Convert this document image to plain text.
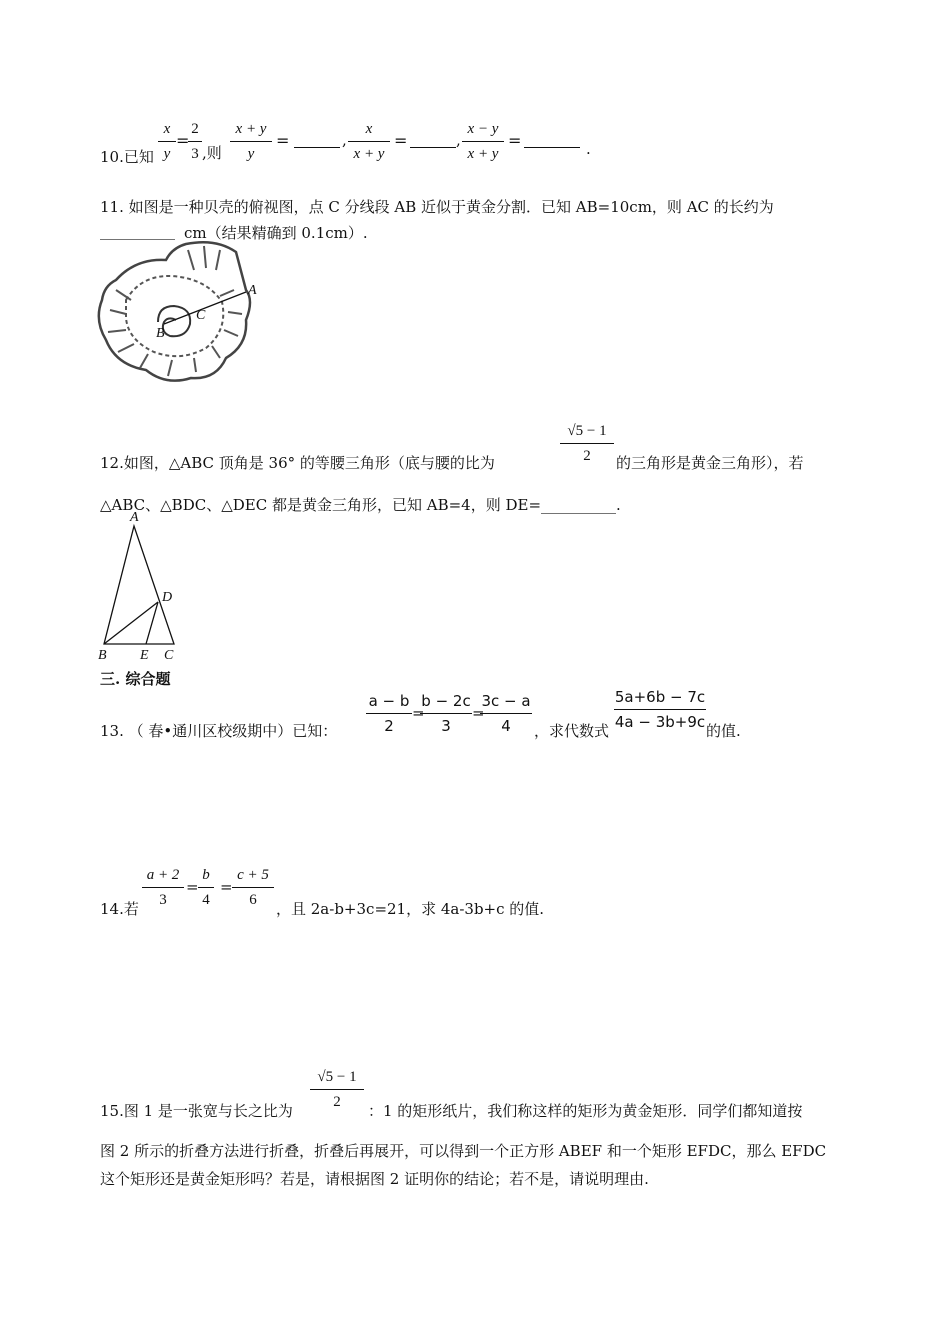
10.已知
x
y
=
2
3 ,则
x + y
y
=	,
x
x + y
=	,
x − y
x + y
=	.
11. 如图是一种贝壳的俯视图，点 C 分线段 AB 近似于黄金分割．已知 AB=10cm，则 AC 的长约为
__________ cm（结果精确到 0.1cm）.
A
B
C
12.如图，△ABC 顶角是 36° 的等腰三角形（底与腰的比为
√5 − 1
2	的三角形是黄金三角形），若
△ABC、△BDC、△DEC 都是黄金三角形，已知 AB=4，则 DE=__________.
A
D
B E C
三. 综合题
13. （ 春•通川区校级期中）已知：
a − b
2
=
b − 2c
3
=
3c − a
4	，求代数式
5a+6b − 7c
4a − 3b+9c 的值.
14.若
a + 2
3
=
b
4
=
c + 5
6	，且 2a-b+3c=21，求 4a-3b+c 的值.
15.图 1 是一张宽与长之比为
√5 − 1
2	：1 的矩形纸片，我们称这样的矩形为黄金矩形．同学们都知道按
图 2 所示的折叠方法进行折叠，折叠后再展开，可以得到一个正方形 ABEF 和一个矩形 EFDC，那么 EFDC
这个矩形还是黄金矩形吗？若是，请根据图 2 证明你的结论；若不是，请说明理由.
